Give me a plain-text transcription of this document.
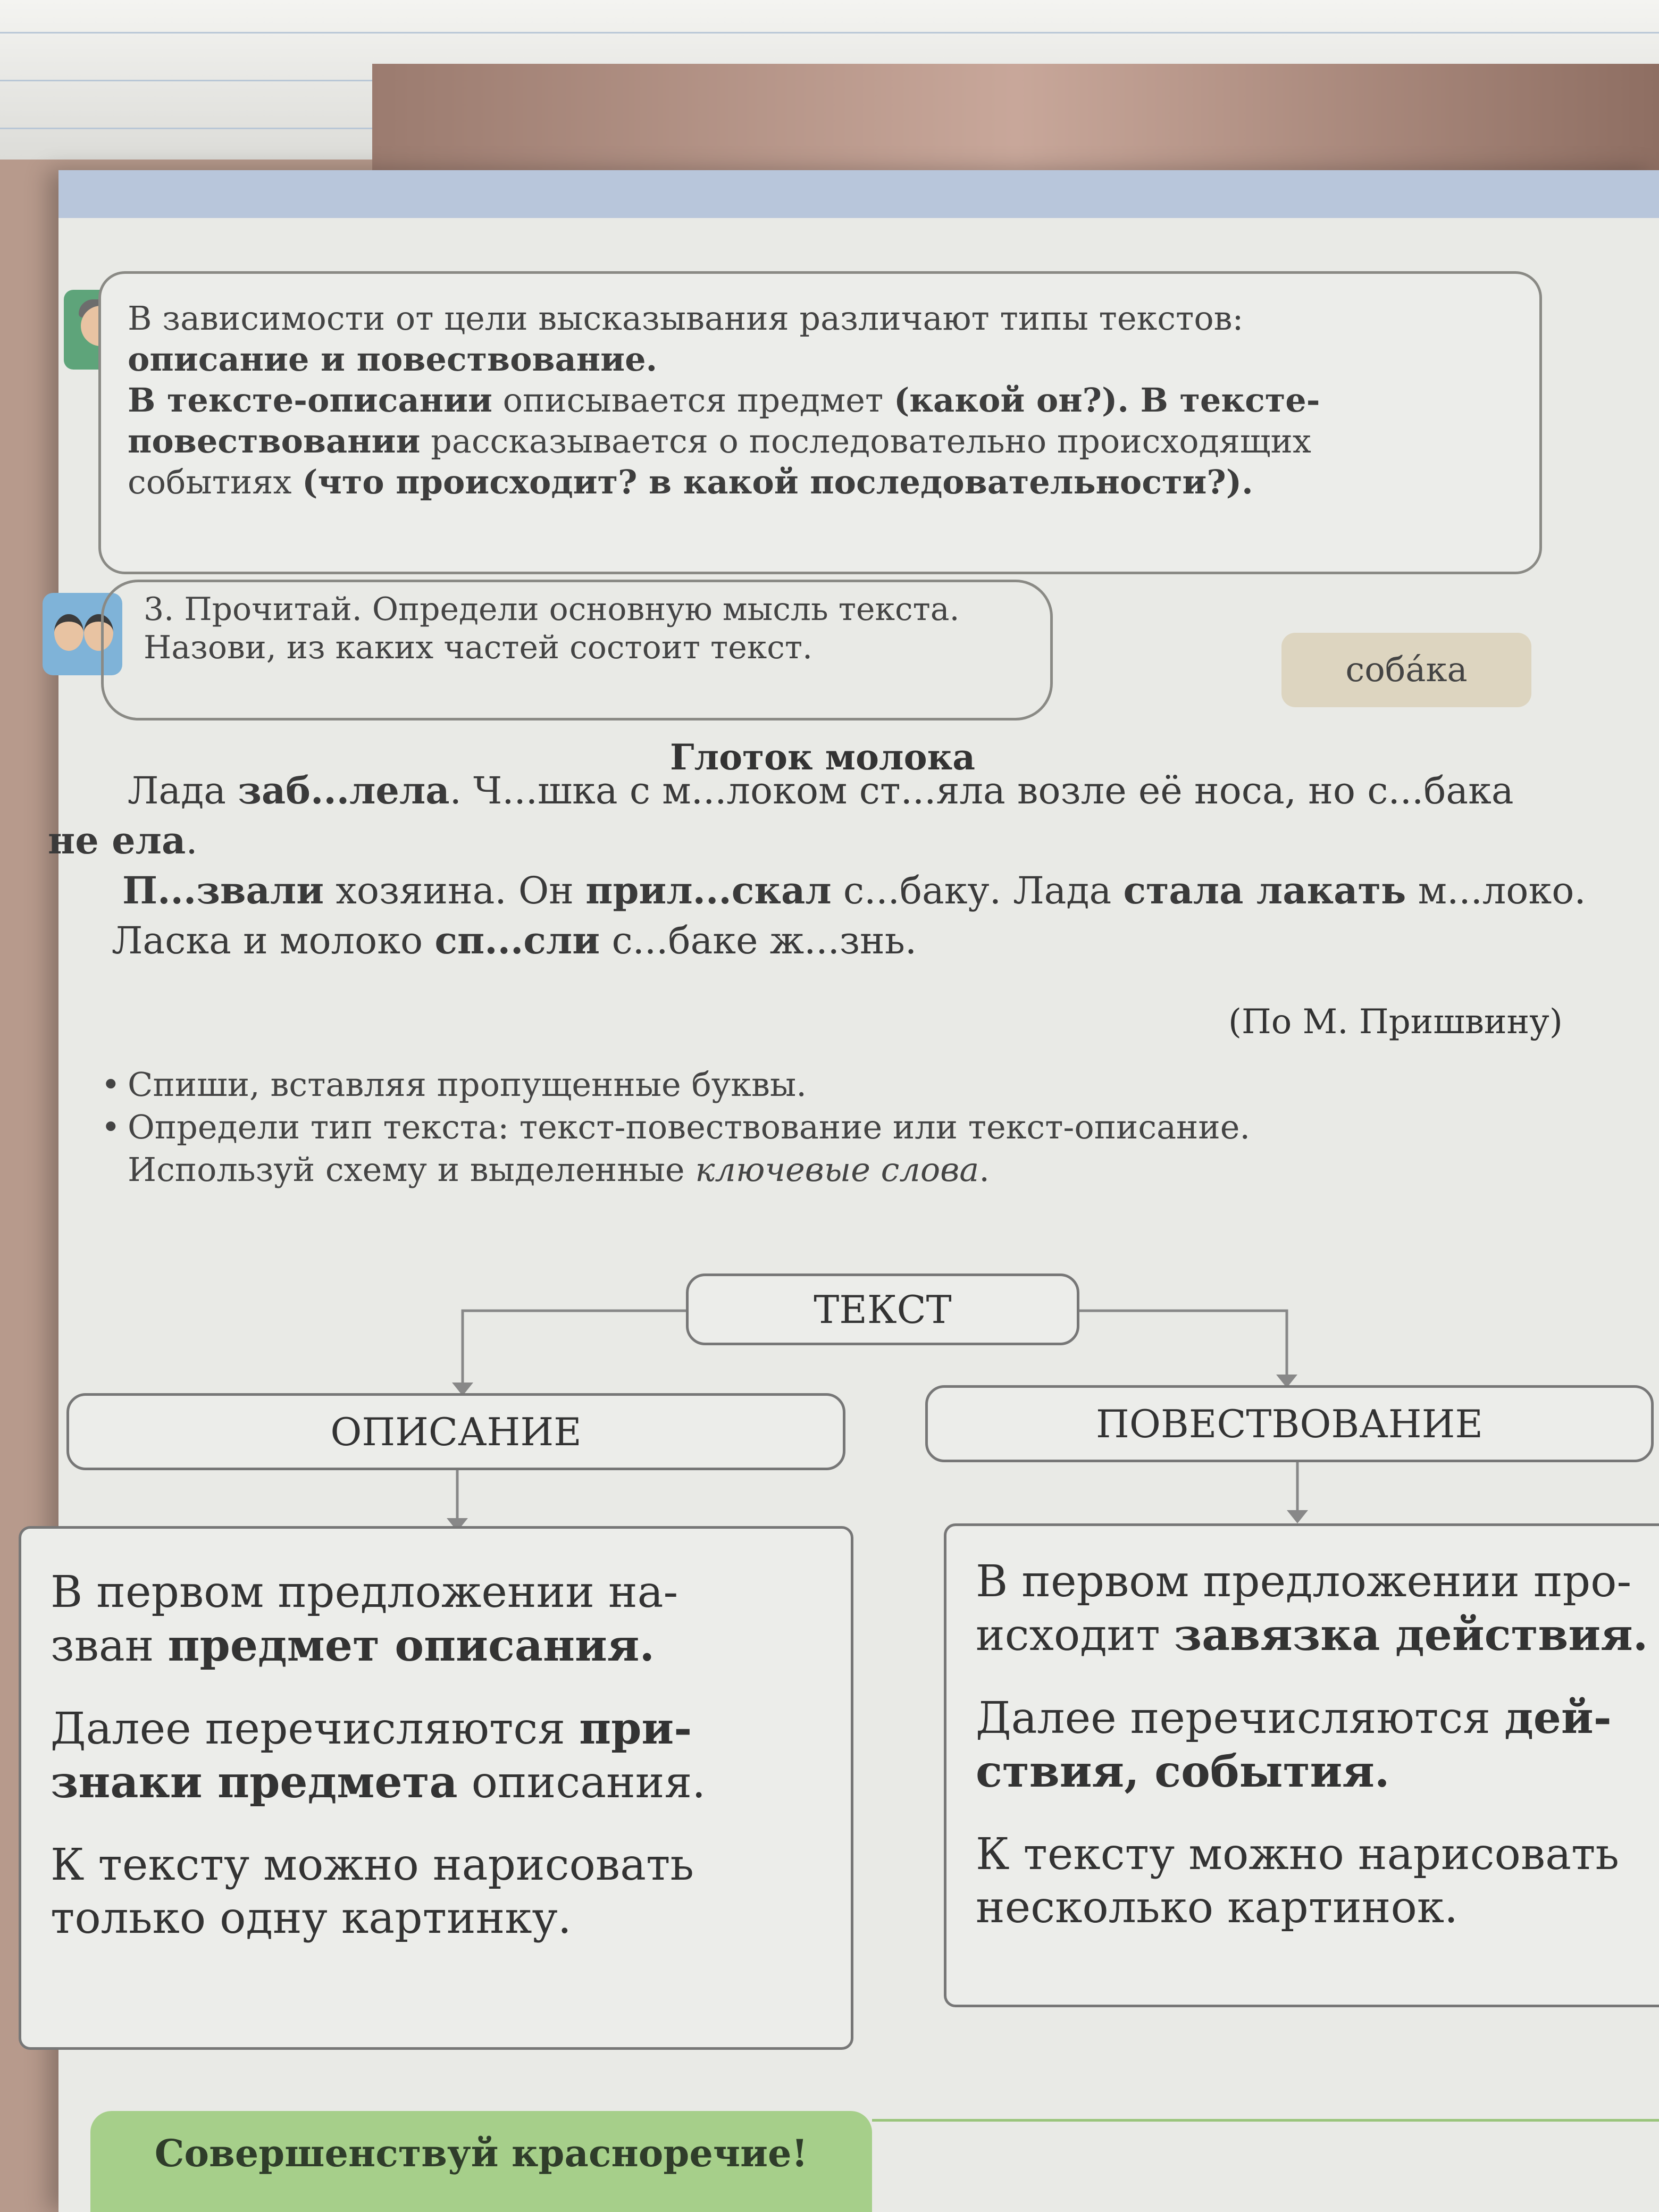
В зависимости от цели высказывания различают типы текстов:
описание и повествование.
В тексте-описании описывается предмет (какой он?). В тексте-
повествовании рассказывается о последовательно происходящих
событиях (что происходит? в какой последовательности?).
3. Прочитай. Определи основную мысль текста.
Назови, из каких частей состоит текст.
собáка
Глоток молока

Лада заб...лела. Ч...шка с м...локом ст...яла возле её носа, но с...бака

не ела.

П...звали хозяина. Он прил...скал с...баку. Лада стала лакать м...локо.

Ласка и молоко сп...сли с...баке ж...знь.

(По М. Пришвину)
• Спиши, вставляя пропущенные буквы.
• Определи тип текста: текст-повествование или текст-описание.
Используй схему и выделенные ключевые слова.
ТЕКСТ
ОПИСАНИЕ	ПОВЕСТВОВАНИЕ

В первом предложении на-
зван предмет описания.

Далее перечисляются при-
знаки предмета описания.

К тексту можно нарисовать
только одну картинку.

В первом предложении про-
исходит завязка действия.

Далее перечисляются дей-
ствия, события.

К тексту можно нарисовать
несколько картинок.

Совершенствуй красноречие!
